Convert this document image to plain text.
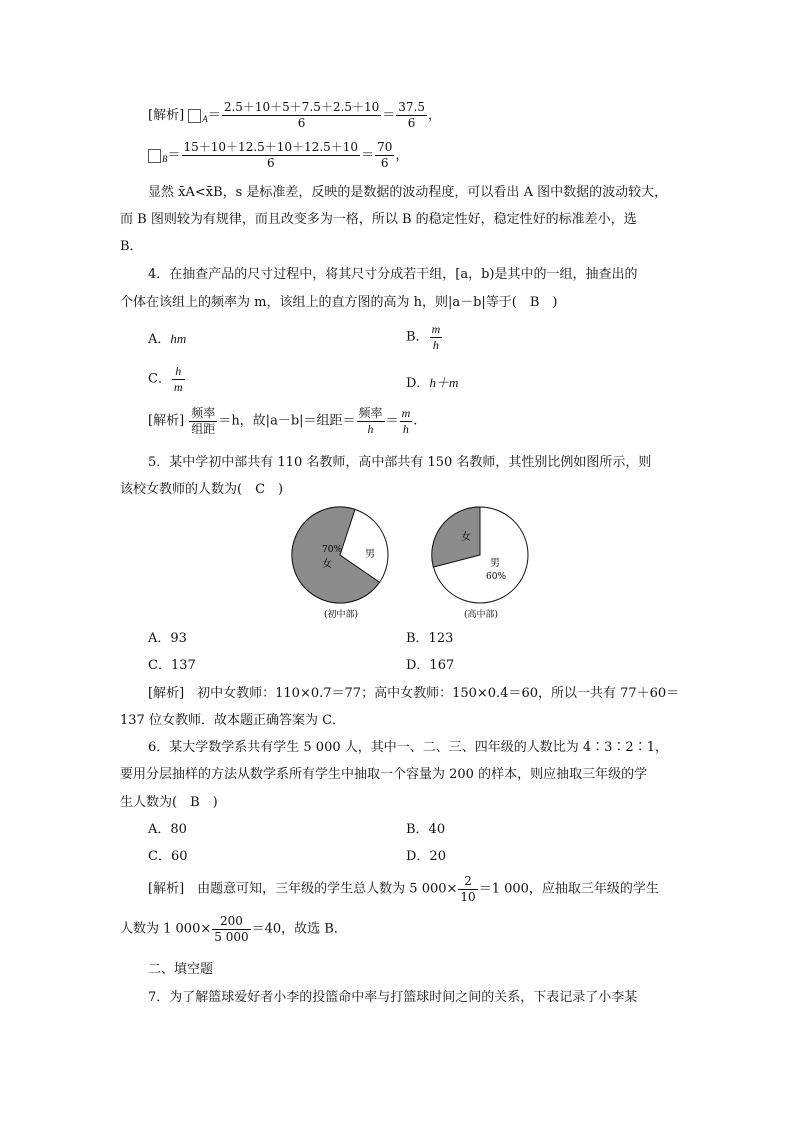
[解析] $_A= \frac{2.5+10+5+7.5+2.5+10}{6} = \frac{37.5}{6}$ ，
$_B= \frac{15+10+12.5+10+12.5+10}{6} = \frac{70}{6}$ ，
显然 x̄A<x̄B，s 是标准差，反映的是数据的波动程度，可以看出 A 图中数据的波动较大，
而 B 图则较为有规律，而且改变多为一格，所以 B 的稳定性好，稳定性好的标准差小，选
B．
4．在抽查产品的尺寸过程中，将其尺寸分成若干组，[a，b)是其中的一组，抽查出的
个体在该组上的频率为 m，该组上的直方图的高为 h，则|a－b|等于(　B　)
A．hm	B． $\frac{m}{h}$
C． $\frac{h}{m}$	D．h＋m
[解析] $\frac{\text{频率}}{\text{组距}} =h$，故|a－b|＝组距＝ $\frac{\text{频率}}{h} = \frac{m}{h}$ .
5．某中学初中部共有 110 名教师，高中部共有 150 名教师，其性别比例如图所示，则
该校女教师的人数为(　C　)
70%
女
男
(初中部)
女
男
60%
(高中部)
A．93	B．123
C．137	D．167
[解析]　初中女教师：110×0.7＝77；高中女教师：150×0.4＝60，所以一共有 77＋60＝
137 位女教师．故本题正确答案为 C．
6．某大学数学系共有学生 5 000 人，其中一、二、三、四年级的人数比为 4∶3∶2∶1，
要用分层抽样的方法从数学系所有学生中抽取一个容量为 200 的样本，则应抽取三年级的学
生人数为(　B　)
A．80	B．40
C．60	D．20
[解析]　由题意可知，三年级的学生总人数为 5 $000\times \frac{2}{10} =1$ 000，应抽取三年级的学生
人数为 1 $000\times \frac{200}{5 000} =40$，故选 B．
二、填空题
7．为了解篮球爱好者小李的投篮命中率与打篮球时间之间的关系，下表记录了小李某
